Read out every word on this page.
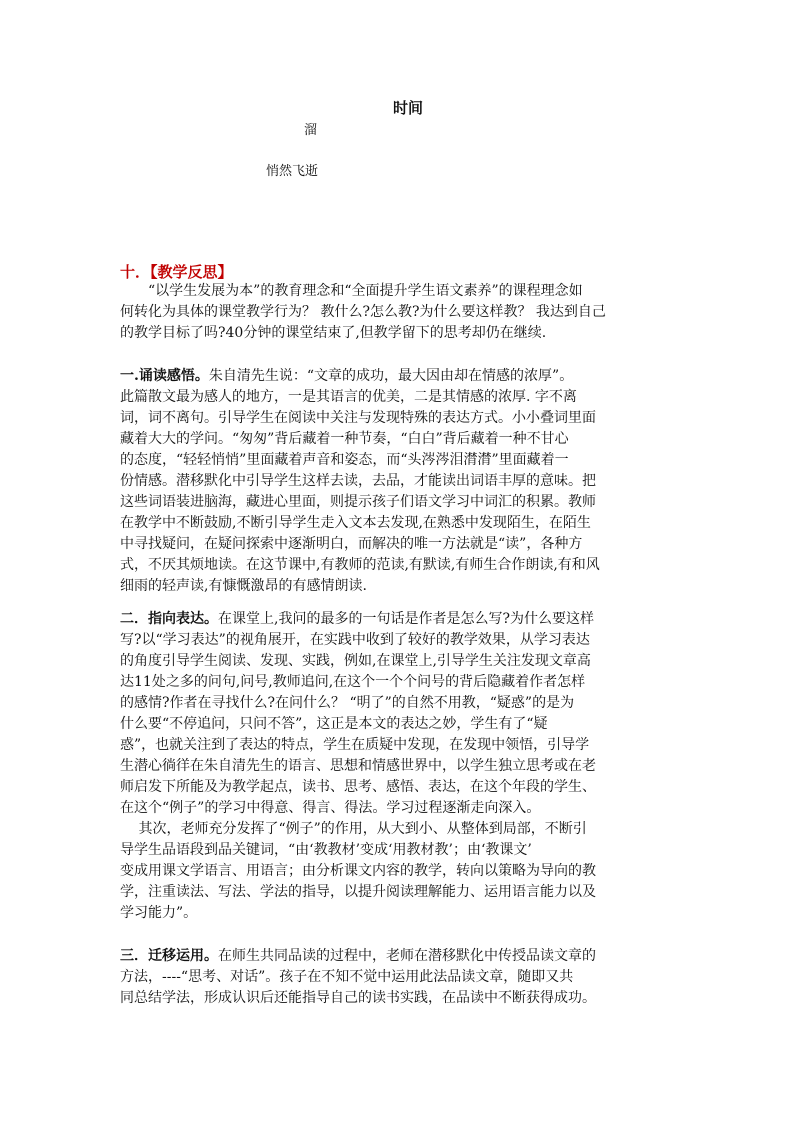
时间
溜
悄然飞逝
十．【教学反思】
　　“以学生发展为本”的教育理念和“全面提升学生语文素养”的课程理念如
何转化为具体的课堂教学行为？ 教什么?怎么教?为什么要这样教？ 我达到自己
的教学目标了吗?40分钟的课堂结束了,但教学留下的思考却仍在继续.
一.诵读感悟。朱自清先生说：“文章的成功，最大因由却在情感的浓厚”。
此篇散文最为感人的地方，一是其语言的优美，二是其情感的浓厚. 字不离
词，词不离句。引导学生在阅读中关注与发现特殊的表达方式。小小叠词里面
藏着大大的学问。“匆匆”背后藏着一种节奏，“白白”背后藏着一种不甘心
的态度，“轻轻悄悄”里面藏着声音和姿态，而“头涔涔泪潸潸”里面藏着一
份情感。潜移默化中引导学生这样去读，去品，才能读出词语丰厚的意味。把
这些词语装进脑海，藏进心里面，则提示孩子们语文学习中词汇的积累。教师
在教学中不断鼓励,不断引导学生走入文本去发现,在熟悉中发现陌生，在陌生
中寻找疑问，在疑问探索中逐渐明白，而解决的唯一方法就是“读”，各种方
式，不厌其烦地读。在这节课中,有教师的范读,有默读,有师生合作朗读,有和风
细雨的轻声读,有慷慨激昂的有感情朗读.
二．指向表达。在课堂上,我问的最多的一句话是作者是怎么写?为什么要这样
写?以“学习表达”的视角展开，在实践中收到了较好的教学效果，从学习表达
的角度引导学生阅读、发现、实践，例如,在课堂上,引导学生关注发现文章高
达11处之多的问句,问号,教师追问,在这个一个个问号的背后隐藏着作者怎样
的感情?作者在寻找什么?在问什么？ “明了”的自然不用教，“疑惑”的是为
什么要“不停追问，只问不答”，这正是本文的表达之妙，学生有了“疑
惑”，也就关注到了表达的特点，学生在质疑中发现，在发现中领悟，引导学
生潜心徜徉在朱自清先生的语言、思想和情感世界中，以学生独立思考或在老
师启发下所能及为教学起点，读书、思考、感悟、表达，在这个年段的学生、
在这个“例子”的学习中得意、得言、得法。学习过程逐渐走向深入。
　 其次，老师充分发挥了“例子”的作用，从大到小、从整体到局部，不断引
导学生品语段到品关键词，“由‘教教材’变成‘用教材教’；由‘教课文’
变成用课文学语言、用语言；由分析课文内容的教学，转向以策略为导向的教
学，注重读法、写法、学法的指导，以提升阅读理解能力、运用语言能力以及
学习能力”。
三．迁移运用。在师生共同品读的过程中，老师在潜移默化中传授品读文章的
方法，----“思考、对话”。孩子在不知不觉中运用此法品读文章，随即又共
同总结学法，形成认识后还能指导自己的读书实践，在品读中不断获得成功。
